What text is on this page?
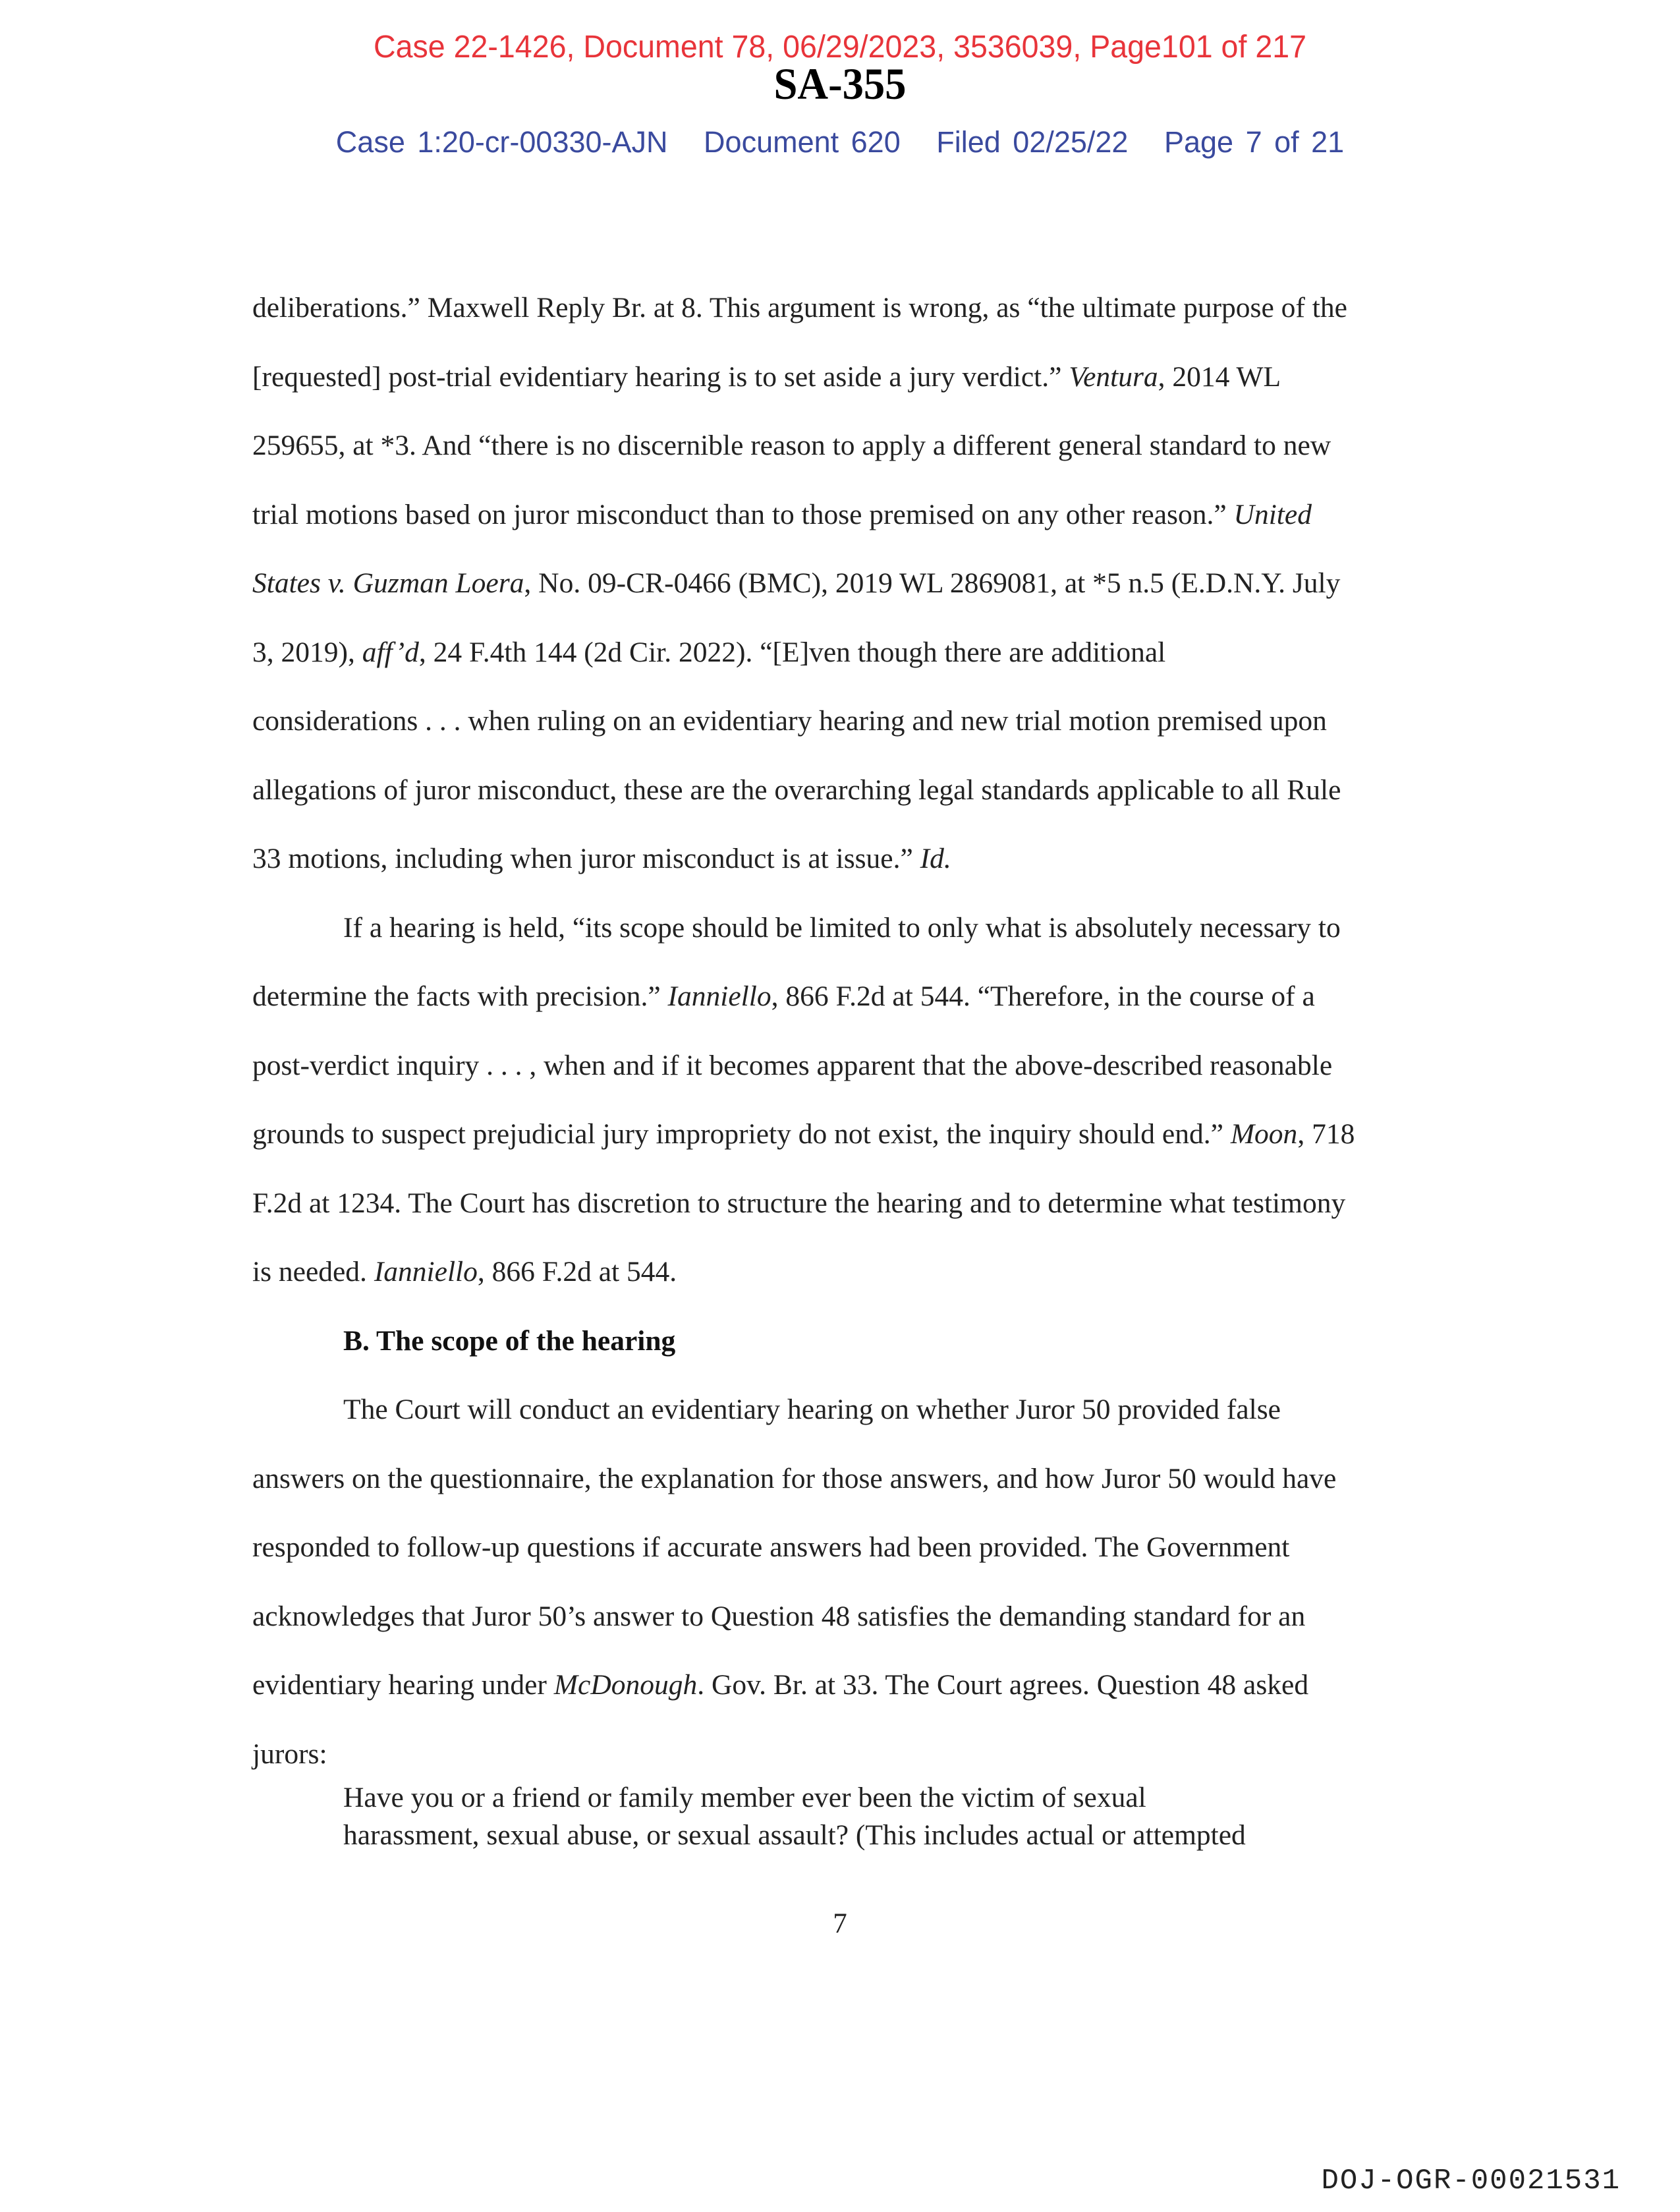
Case 22-1426, Document 78, 06/29/2023, 3536039, Page101 of 217
SA-355
Case 1:20-cr-00330-AJN Document 620 Filed 02/25/22 Page 7 of 21
deliberations.” Maxwell Reply Br. at 8. This argument is wrong, as “the ultimate purpose of the
[requested] post-trial evidentiary hearing is to set aside a jury verdict.” Ventura, 2014 WL
259655, at *3. And “there is no discernible reason to apply a different general standard to new
trial motions based on juror misconduct than to those premised on any other reason.” United
States v. Guzman Loera, No. 09-CR-0466 (BMC), 2019 WL 2869081, at *5 n.5 (E.D.N.Y. July
3, 2019), aff’d, 24 F.4th 144 (2d Cir. 2022). “[E]ven though there are additional
considerations . . . when ruling on an evidentiary hearing and new trial motion premised upon
allegations of juror misconduct, these are the overarching legal standards applicable to all Rule
33 motions, including when juror misconduct is at issue.” Id.
If a hearing is held, “its scope should be limited to only what is absolutely necessary to
determine the facts with precision.” Ianniello, 866 F.2d at 544. “Therefore, in the course of a
post-verdict inquiry . . . , when and if it becomes apparent that the above-described reasonable
grounds to suspect prejudicial jury impropriety do not exist, the inquiry should end.” Moon, 718
F.2d at 1234. The Court has discretion to structure the hearing and to determine what testimony
is needed. Ianniello, 866 F.2d at 544.
B. The scope of the hearing
The Court will conduct an evidentiary hearing on whether Juror 50 provided false
answers on the questionnaire, the explanation for those answers, and how Juror 50 would have
responded to follow-up questions if accurate answers had been provided. The Government
acknowledges that Juror 50’s answer to Question 48 satisfies the demanding standard for an
evidentiary hearing under McDonough. Gov. Br. at 33. The Court agrees. Question 48 asked
jurors:
Have you or a friend or family member ever been the victim of sexual
harassment, sexual abuse, or sexual assault? (This includes actual or attempted
7
DOJ-OGR-00021531
